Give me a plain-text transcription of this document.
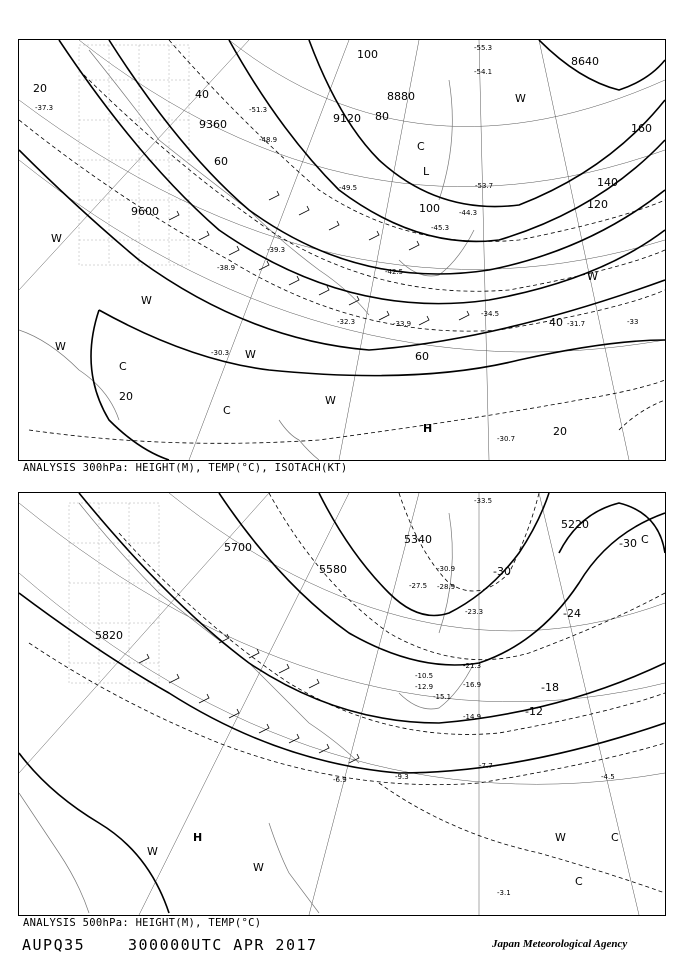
8640
8880
9120
9360
9600
20
20
20
40
40
60
60
80
100
100	120
140
160
-55.3
-54.1
-53.7
-51.3
-49.5
-48.9
-45.3
-44.3
-42.5
-39.3
-38.9
-37.3
-34.5
-33.9	-33
-32.3	-31.7
-30.7
-30.3
H
C
C
C
L
W
W
W
W
W
W
W
ANALYSIS 300hPa: HEIGHT(M), TEMP(°C), ISOTACH(KT)
5220
5340
5580
5700
5820
-30
-30
-24
-18
-12
-33.5
-30.9
-28.9
-27.5
-23.3
-21.3
-16.9
-15.1
-14.9
-12.9
-10.5
-9.3
-7.7
-6.9	-4.5
-3.1
H
C
C
C
W
W
W
ANALYSIS 500hPa: HEIGHT(M), TEMP(°C)
AUPQ35	300000UTC APR 2017	Japan Meteorological Agency
